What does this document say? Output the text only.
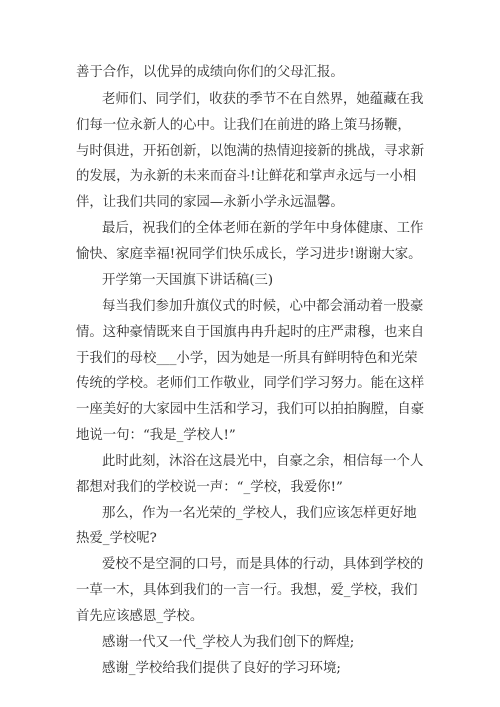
善于合作，以优异的成绩向你们的父母汇报。
老师们、同学们，收获的季节不在自然界，她蕴藏在我
们每一位永新人的心中。让我们在前进的路上策马扬鞭，
与时俱进，开拓创新，以饱满的热情迎接新的挑战，寻求新
的发展，为永新的未来而奋斗!让鲜花和掌声永远与一小相
伴，让我们共同的家园—永新小学永远温馨。
最后，祝我们的全体老师在新的学年中身体健康、工作
愉快、家庭幸福!祝同学们快乐成长，学习进步!谢谢大家。
开学第一天国旗下讲话稿(三)
每当我们参加升旗仪式的时候，心中都会涌动着一股豪
情。这种豪情既来自于国旗冉冉升起时的庄严肃穆，也来自
于我们的母校___小学，因为她是一所具有鲜明特色和光荣
传统的学校。老师们工作敬业，同学们学习努力。能在这样
一座美好的大家园中生活和学习，我们可以拍拍胸膛，自豪
地说一句：“我是_学校人!”
此时此刻，沐浴在这晨光中，自豪之余，相信每一个人
都想对我们的学校说一声：“_学校，我爱你!”
那么，作为一名光荣的_学校人，我们应该怎样更好地
热爱_学校呢?
爱校不是空洞的口号，而是具体的行动，具体到学校的
一草一木，具体到我们的一言一行。我想，爱_学校，我们
首先应该感恩_学校。
感谢一代又一代_学校人为我们创下的辉煌;
感谢_学校给我们提供了良好的学习环境;
